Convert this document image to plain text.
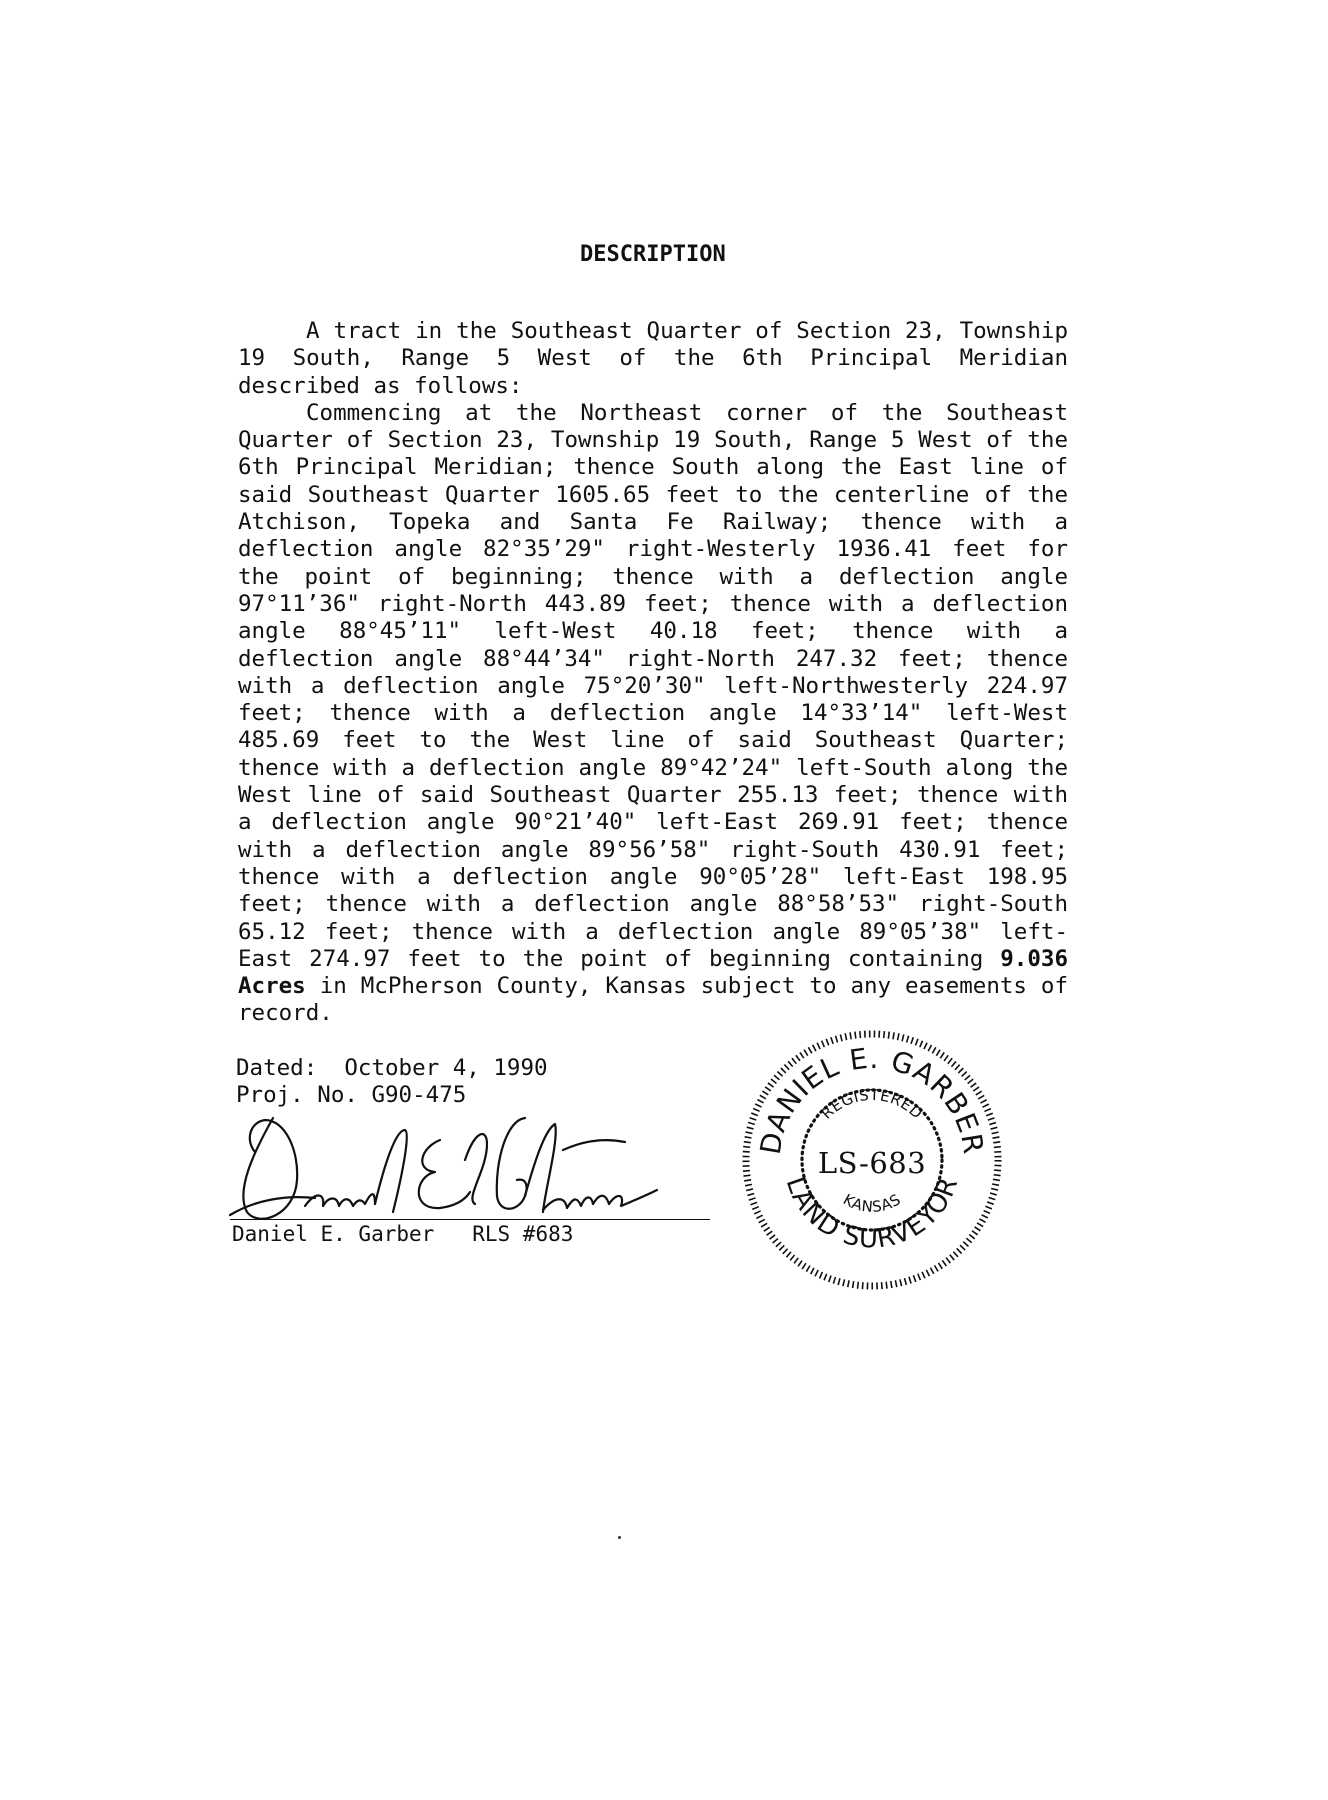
DESCRIPTION

A tract in the Southeast Quarter of Section 23, Township 19 South, Range 5 West of the 6th Principal Meridian described as follows:

Commencing at the Northeast corner of the Southeast Quarter of Section 23, Township 19 South, Range 5 West of the 6th Principal Meridian; thence South along the East line of said Southeast Quarter 1605.65 feet to the centerline of the Atchison, Topeka and Santa Fe Railway; thence with a deflection angle 82°35’29" right-Westerly 1936.41 feet for the point of beginning; thence with a deflection angle 97°11’36" right-North 443.89 feet; thence with a deflection angle 88°45’11" left-West 40.18 feet; thence with a deflection angle 88°44’34" right-North 247.32 feet; thence with a deflection angle 75°20’30" left-Northwesterly 224.97 feet; thence with a deflection angle 14°33’14" left-West 485.69 feet to the West line of said Southeast Quarter; thence with a deflection angle 89°42’24" left-South along the West line of said Southeast Quarter 255.13 feet; thence with a deflection angle 90°21’40" left-East 269.91 feet; thence with a deflection angle 89°56’58" right-South 430.91 feet; thence with a deflection angle 90°05’28" left-East 198.95 feet; thence with a deflection angle 88°58’53" right-South 65.12 feet; thence with a deflection angle 89°05’38" left-East 274.97 feet to the point of beginning containing 9.036 Acres in McPherson County, Kansas subject to any easements of record.

Dated: October 4, 1990
Proj. No. G90-475
Daniel E. Garber RLS #683
DANIEL E. GARBER
LAND SURVEYOR
REGISTERED
KANSAS
LS-683
